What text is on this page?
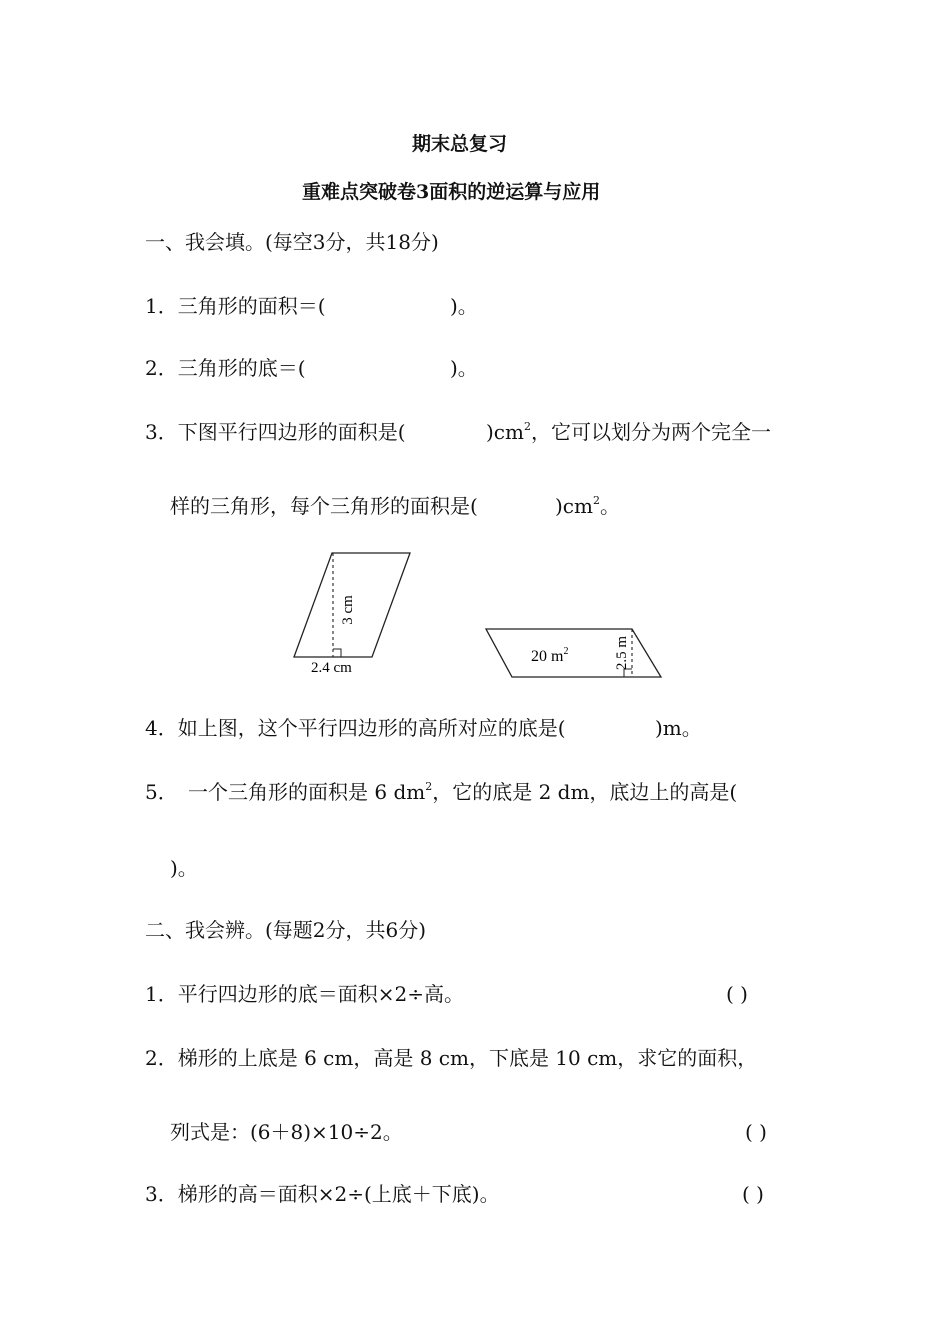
期末总复习
重难点突破卷3面积的逆运算与应用
一、我会填。(每空3分，共18分)
1．三角形的面积＝(	)。
2．三角形的底＝(	)。
3．下图平行四边形的面积是(	)$cm^2$，它可以划分为两个完全一
样的三角形，每个三角形的面积是(	)$cm^2$。
3 cm
2.4 cm
20 $m^2$	2.5 m
4．如上图，这个平行四边形的高所对应的底是(	)m。
5． 一个三角形的面积是 6 $dm^2$，它的底是 2 dm，底边上的高是(
)。
二、我会辨。(每题2分，共6分)
1．平行四边形的底＝面积×2÷高。	( )
2．梯形的上底是 6 cm，高是 8 cm，下底是 10 cm，求它的面积，
列式是：(6＋8)×10÷2。	( )
3．梯形的高＝面积×2÷(上底＋下底)。	( )
